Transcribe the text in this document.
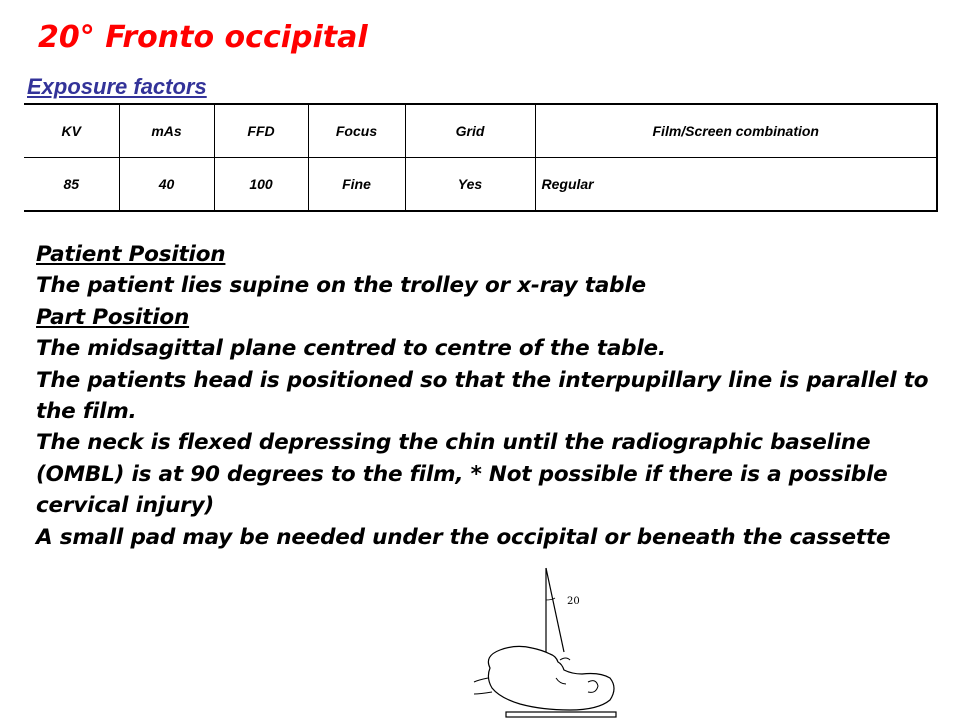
20° Fronto occipital
Exposure factors
KV	mAs	FFD	Focus	Grid	Film/Screen combination
85	40	100	Fine	Yes	Regular

Patient Position

The patient lies supine on the trolley or x-ray table

Part Position

The midsagittal plane centred to centre of the table.

The patients head is positioned so that the interpupillary line is parallel to the film.

The neck is flexed depressing the chin until the radiographic baseline (OMBL) is at 90 degrees to the film, * Not possible if there is a possible cervical injury)

A small pad may be needed under the occipital or beneath the cassette

20
